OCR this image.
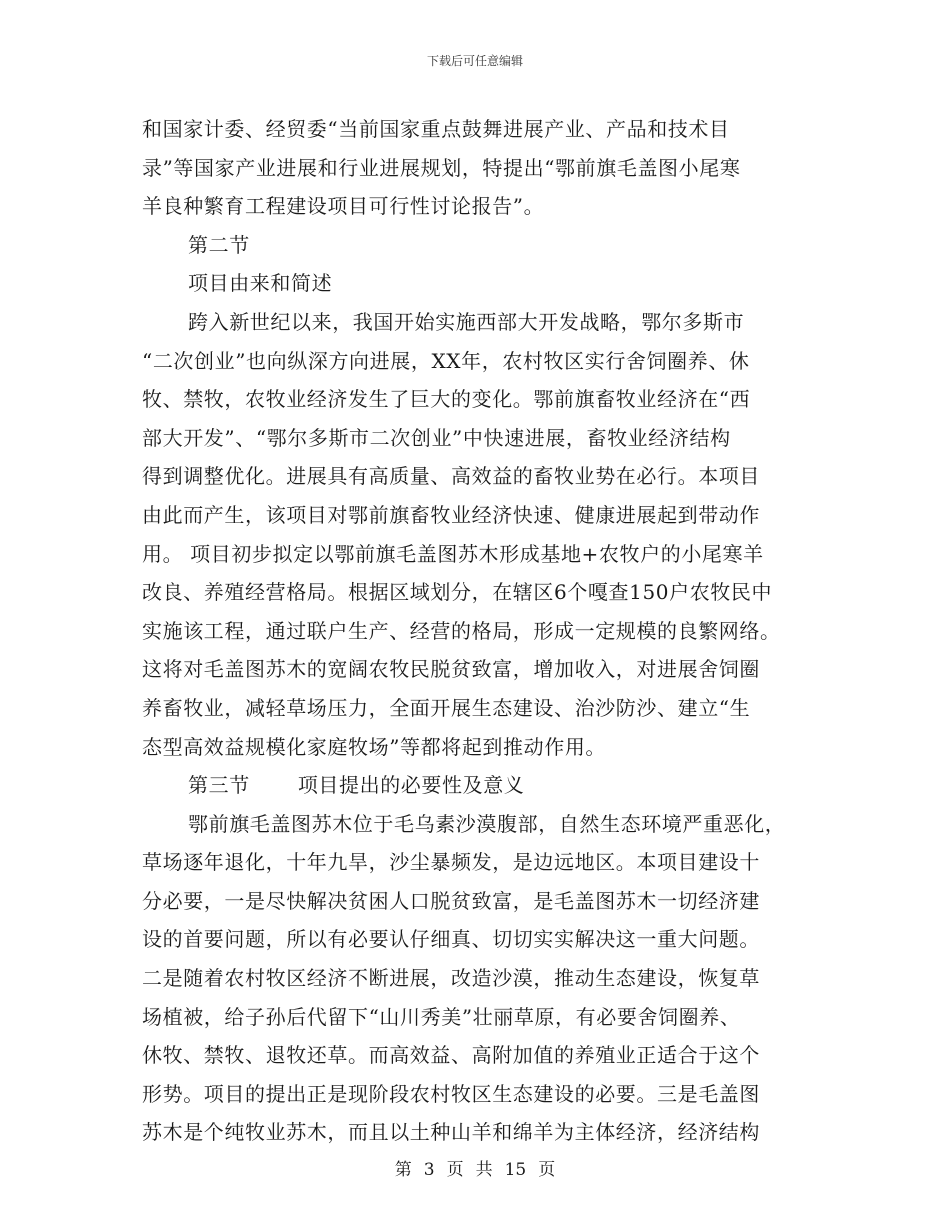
下载后可任意编辑
和国家计委、经贸委“当前国家重点鼓舞进展产业、产品和技术目
录”等国家产业进展和行业进展规划，特提出“鄂前旗毛盖图小尾寒
羊良种繁育工程建设项目可行性讨论报告”。
第二节
项目由来和简述
跨入新世纪以来，我国开始实施西部大开发战略，鄂尔多斯市
“二次创业”也向纵深方向进展，XX年，农村牧区实行舍饲圈养、休
牧、禁牧，农牧业经济发生了巨大的变化。鄂前旗畜牧业经济在“西
部大开发”、“鄂尔多斯市二次创业”中快速进展，畜牧业经济结构
得到调整优化。进展具有高质量、高效益的畜牧业势在必行。本项目
由此而产生，该项目对鄂前旗畜牧业经济快速、健康进展起到带动作
用。 项目初步拟定以鄂前旗毛盖图苏木形成基地+农牧户的小尾寒羊
改良、养殖经营格局。根据区域划分，在辖区6个嘎查150户农牧民中
实施该工程，通过联户生产、经营的格局，形成一定规模的良繁网络。
这将对毛盖图苏木的宽阔农牧民脱贫致富，增加收入，对进展舍饲圈
养畜牧业，减轻草场压力，全面开展生态建设、治沙防沙、建立“生
态型高效益规模化家庭牧场”等都将起到推动作用。
第三节 项目提出的必要性及意义
鄂前旗毛盖图苏木位于毛乌素沙漠腹部，自然生态环境严重恶化，
草场逐年退化，十年九旱，沙尘暴频发，是边远地区。本项目建设十
分必要，一是尽快解决贫困人口脱贫致富，是毛盖图苏木一切经济建
设的首要问题，所以有必要认仔细真、切切实实解决这一重大问题。
二是随着农村牧区经济不断进展，改造沙漠，推动生态建设，恢复草
场植被，给子孙后代留下“山川秀美”壮丽草原，有必要舍饲圈养、
休牧、禁牧、退牧还草。而高效益、高附加值的养殖业正适合于这个
形势。项目的提出正是现阶段农村牧区生态建设的必要。三是毛盖图
苏木是个纯牧业苏木，而且以土种山羊和绵羊为主体经济，经济结构
第 3 页 共 15 页
